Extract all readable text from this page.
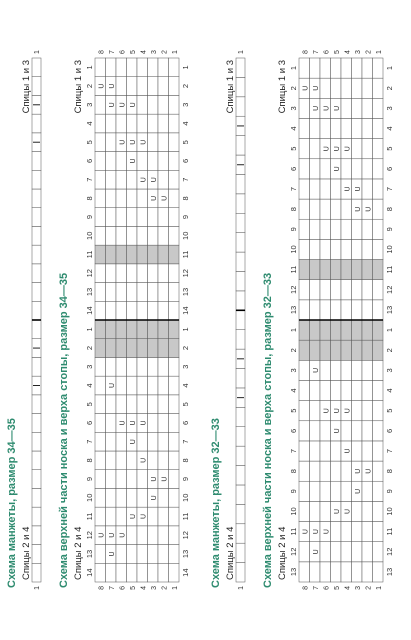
Схема манжеты, размер 34—35 Спицы 2 и 4
Спицы 1 и 3
1
1
Схема верхней части носка и верха стопы, размер 34—35 Спицы 2 и 4
Спицы 1 и 3
14
13
12
11
10
9
8
7
6
5
4
3
2
1
14
13
12
11
10
9
8
7
6
5
4
3
2
1
U
U
8
8
U
U
U
U
U
7
7
U
U
U
U
6
6
U
U
U
U
U
U
5
5
U
U
U
U
U
4
4
U
U
U
U
3
3
U
U
2
2
1
1
14
13
12
11
10
9
8
7
6
5
4
3
2
1
14
13
12
11
10
9
8
7
6
5
4
3
2
1
Схема манжеты, размер 32—33 Спицы 2 и 4
Спицы 1 и 3
1
1
Схема верхней части носка и верха стопы, размер 32—33 Спицы 2 и 4
Спицы 1 и 3
13
12
11
10
9
8
7
6
5
4
3
2
1
13
12
11
10
9
8
7
6
5
4
3
2
1
U
U
8
8
U
U
U
U
U
7
7
U
U
U
U
6
6
U
U
U
U
U
U
5
5
U
U
U
U
U
4
4
U
U
U
U
3
3
U
U
2
2
1
1
13
12
11
10
9
8
7
6
5
4
3
2
1
13
12
11
10
9
8
7
6
5
4
3
2
1
